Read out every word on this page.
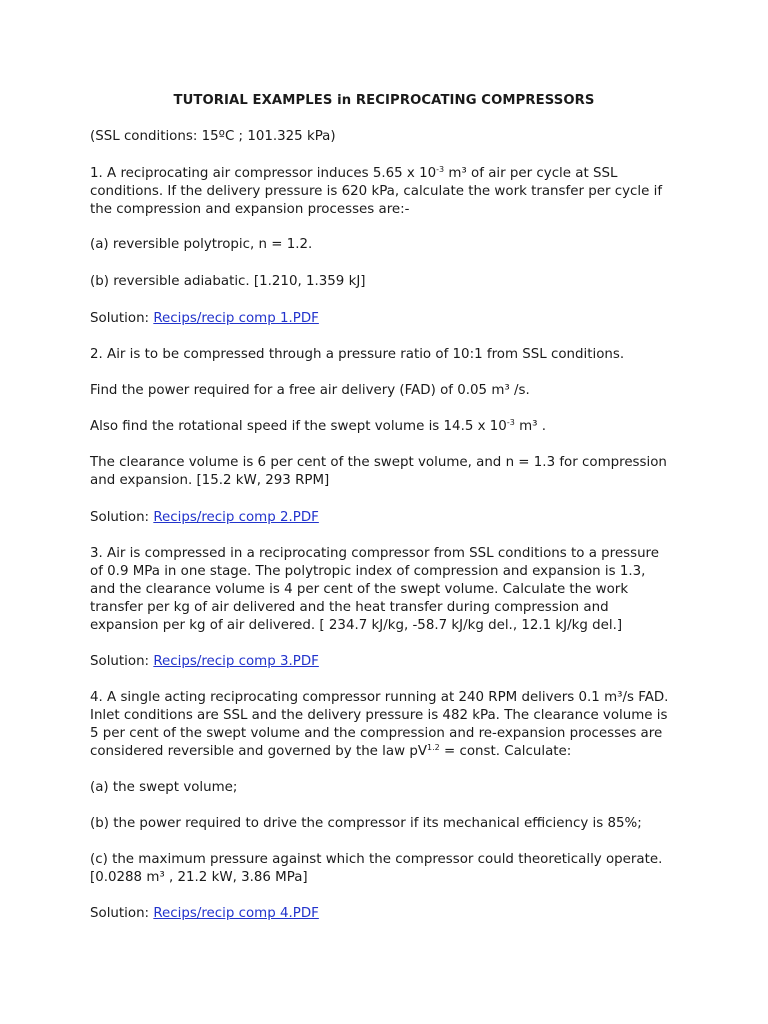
TUTORIAL EXAMPLES in RECIPROCATING COMPRESSORS
(SSL conditions: 15ºC ; 101.325 kPa)
1. A reciprocating air compressor induces 5.65 x $10^{-3}$ m³ of air per cycle at SSL
conditions. If the delivery pressure is 620 kPa, calculate the work transfer per cycle if
the compression and expansion processes are:-
(a) reversible polytropic, n = 1.2.
(b) reversible adiabatic. [1.210, 1.359 kJ]
Solution: Recips/recip comp 1.PDF
2. Air is to be compressed through a pressure ratio of 10:1 from SSL conditions.
Find the power required for a free air delivery (FAD) of 0.05 m³ /s.
Also find the rotational speed if the swept volume is 14.5 x $10^{-3}$ m³ .
The clearance volume is 6 per cent of the swept volume, and n = 1.3 for compression
and expansion. [15.2 kW, 293 RPM]
Solution: Recips/recip comp 2.PDF
3. Air is compressed in a reciprocating compressor from SSL conditions to a pressure
of 0.9 MPa in one stage. The polytropic index of compression and expansion is 1.3,
and the clearance volume is 4 per cent of the swept volume. Calculate the work
transfer per kg of air delivered and the heat transfer during compression and
expansion per kg of air delivered. [ 234.7 kJ/kg, -58.7 kJ/kg del., 12.1 kJ/kg del.]
Solution: Recips/recip comp 3.PDF
4. A single acting reciprocating compressor running at 240 RPM delivers 0.1 m³/s FAD.
Inlet conditions are SSL and the delivery pressure is 482 kPa. The clearance volume is
5 per cent of the swept volume and the compression and re-expansion processes are
considered reversible and governed by the law $pV^{1.2}$ = const. Calculate:
(a) the swept volume;
(b) the power required to drive the compressor if its mechanical efficiency is 85%;
(c) the maximum pressure against which the compressor could theoretically operate.
[0.0288 m³ , 21.2 kW, 3.86 MPa]
Solution: Recips/recip comp 4.PDF
